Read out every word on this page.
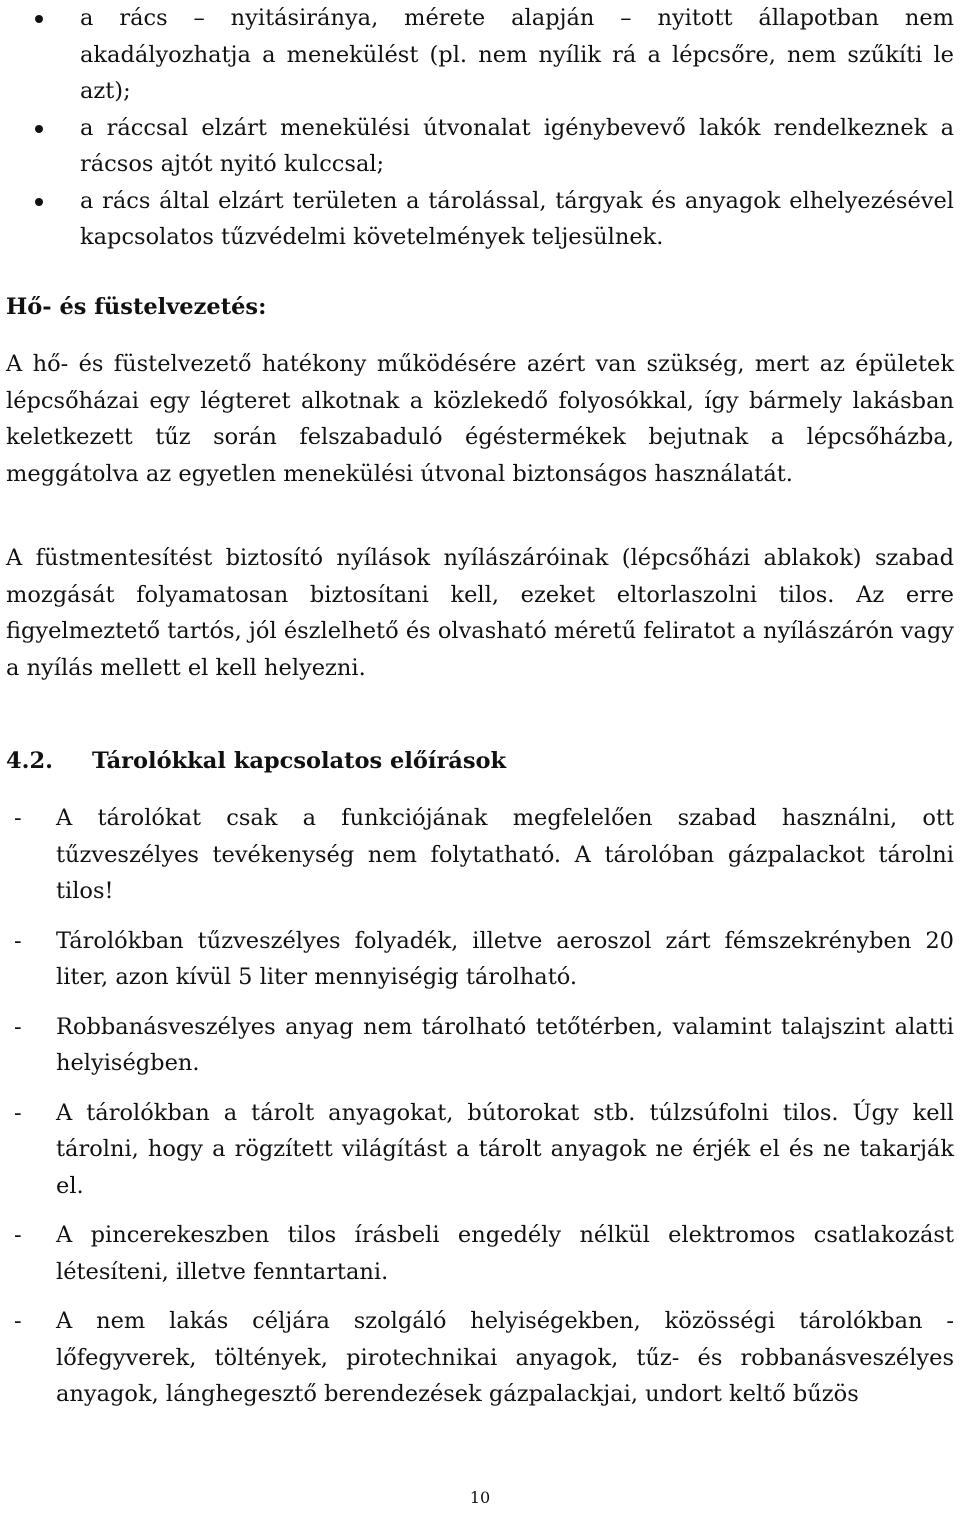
a rács – nyitásiránya, mérete alapján – nyitott állapotban nem akadályozhatja a menekülést (pl. nem nyílik rá a lépcsőre, nem szűkíti le azt);
a ráccsal elzárt menekülési útvonalat igénybevevő lakók rendelkeznek a rácsos ajtót nyitó kulccsal;
a rács által elzárt területen a tárolással, tárgyak és anyagok elhelyezésével kapcsolatos tűzvédelmi követelmények teljesülnek.

Hő- és füstelvezetés:

A hő- és füstelvezető hatékony működésére azért van szükség, mert az épületek lépcsőházai egy légteret alkotnak a közlekedő folyosókkal, így bármely lakásban keletkezett tűz során felszabaduló égéstermékek bejutnak a lépcsőházba, meggátolva az egyetlen menekülési útvonal biztonságos használatát.

A füstmentesítést biztosító nyílások nyílászáróinak (lépcsőházi ablakok) szabad mozgását folyamatosan biztosítani kell, ezeket eltorlaszolni tilos. Az erre figyelmeztető tartós, jól észlelhető és olvasható méretű feliratot a nyílászárón vagy a nyílás mellett el kell helyezni.

4.2. Tárolókkal kapcsolatos előírások
- A tárolókat csak a funkciójának megfelelően szabad használni, ott tűzveszélyes tevékenység nem folytatható. A tárolóban gázpalackot tárolni tilos!
- Tárolókban tűzveszélyes folyadék, illetve aeroszol zárt fémszekrényben 20 liter, azon kívül 5 liter mennyiségig tárolható.
- Robbanásveszélyes anyag nem tárolható tetőtérben, valamint talajszint alatti helyiségben.
- A tárolókban a tárolt anyagokat, bútorokat stb. túlzsúfolni tilos. Úgy kell tárolni, hogy a rögzített világítást a tárolt anyagok ne érjék el és ne takarják el.
- A pincerekeszben tilos írásbeli engedély nélkül elektromos csatlakozást létesíteni, illetve fenntartani.
- A nem lakás céljára szolgáló helyiségekben, közösségi tárolókban - lőfegyverek, töltények, pirotechnikai anyagok, tűz- és robbanásveszélyes anyagok, lánghegesztő berendezések gázpalackjai, undort keltő bűzös
10
